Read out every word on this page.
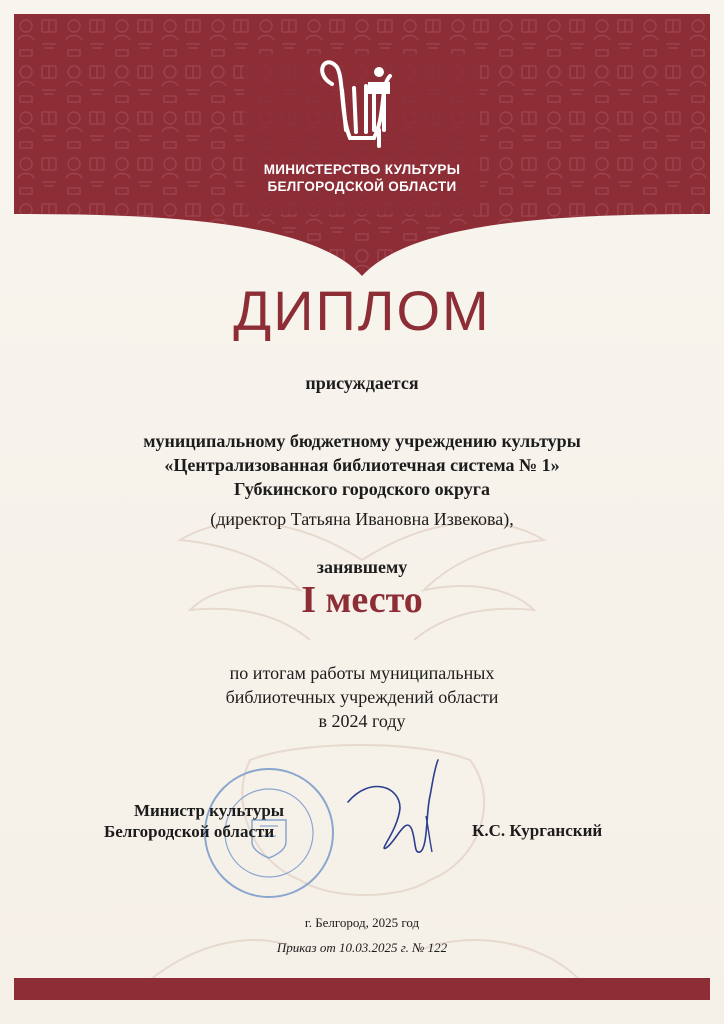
МИНИСТЕРСТВО КУЛЬТУРЫ
БЕЛГОРОДСКОЙ ОБЛАСТИ
ДИПЛОМ
присуждается
муниципальному бюджетному учреждению культуры
«Централизованная библиотечная система № 1»
Губкинского городского округа
(директор Татьяна Ивановна Извекова),
занявшему
I место
по итогам работы муниципальных
библиотечных учреждений области
в 2024 году
Министр культуры
Белгородской области	К.С. Курганский
г. Белгород, 2025 год
Приказ от 10.03.2025 г. № 122
